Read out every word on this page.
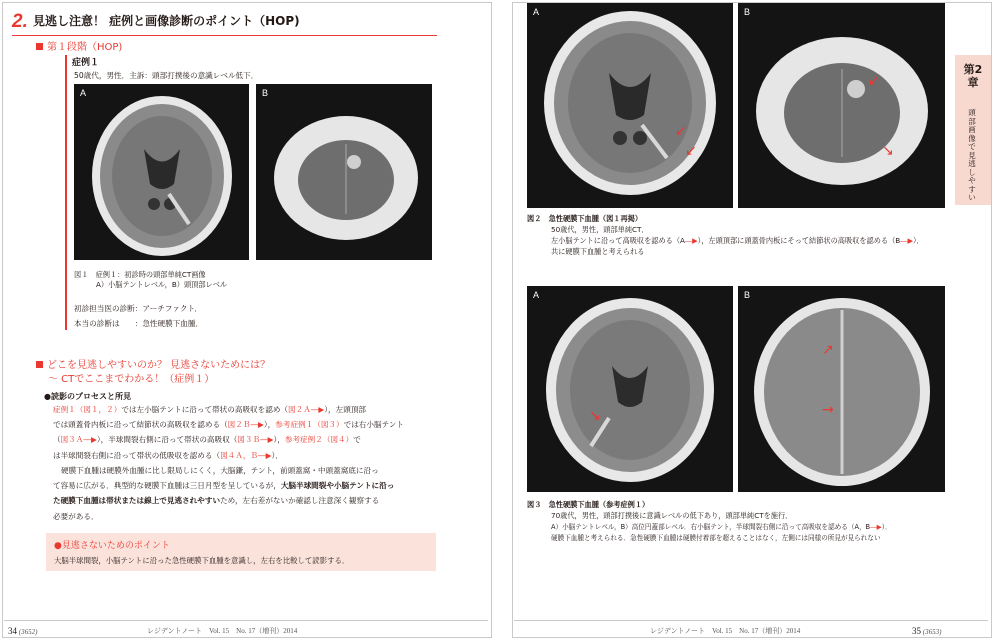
2. 見逃し注意！ 症例と画像診断のポイント（HOP)
第１段階（HOP)
症例１
50歳代，男性．主訴：頭部打撲後の意識レベル低下．
A	B
図１　症例１：初診時の頭部単純CT画像
A）小脳テントレベル，B）頭頂部レベル
初診担当医の診断：アーチファクト．
本当の診断は　　：急性硬膜下血腫．
どこを見逃しやすいのか？ 見逃さないためには？
～ CTでここまでわかる！（症例１）
●読影のプロセスと所見
症例１（図１，２）では左小脳テントに沿って帯状の高吸収を認め（図２Ａ―▶），左頭頂部
では頭蓋骨内板に沿って結節状の高吸収を認める（図２Ｂ―▶），参考症例１（図３）では右小脳テント
（図３Ａ―▶），半球間裂右側に沿って帯状の高吸収（図３Ｂ―▶），参考症例２（図４）で
は半球間裂右側に沿って帯状の低吸収を認める（図４Ａ，Ｂ―▶）．
硬膜下血腫は硬膜外血腫に比し限局しにくく，大脳鎌，テント，前頭蓋窩・中頭蓋窩底に沿っ
て容易に広がる．典型的な硬膜下血腫は三日月型を呈しているが，大脳半球間裂や小脳テントに沿っ
た硬膜下血腫は帯状または線上で見逃されやすいため，左右差がないか確認し注意深く観察する
必要がある．
●見逃さないためのポイント
大脳半球間裂，小脳テントに沿った急性硬膜下血腫を意識し，左右を比較して読影する．
34 (3652)	レジデントノート　Vol. 15　No. 17（増刊）2014
A
↙
↙
B
↙
↘
図２　急性硬膜下血腫（図１再掲）
50歳代，男性，頭部単純CT．
左小脳テントに沿って高吸収を認める（A―▶），左頭頂部に頭蓋骨内板にそって結節状の高吸収を認める（B―▶）．
共に硬膜下血腫と考えられる
A
↘
B
↗
→
図３　急性硬膜下血腫（参考症例１）
70歳代，男性，頭部打撲後に意識レベルの低下あり，頭部単純CTを施行．
A）小脳テントレベル，B）高位円蓋部レベル．右小脳テント，半球間裂右側に沿って高吸収を認める（A，B―▶）．
硬膜下血腫と考えられる．急性硬膜下血腫は硬膜付着部を超えることはなく，左側には同様の所見が見られない
第2章
頭部画像で見逃しやすい
レジデントノート　Vol. 15　No. 17（増刊）2014	35 (3653)
